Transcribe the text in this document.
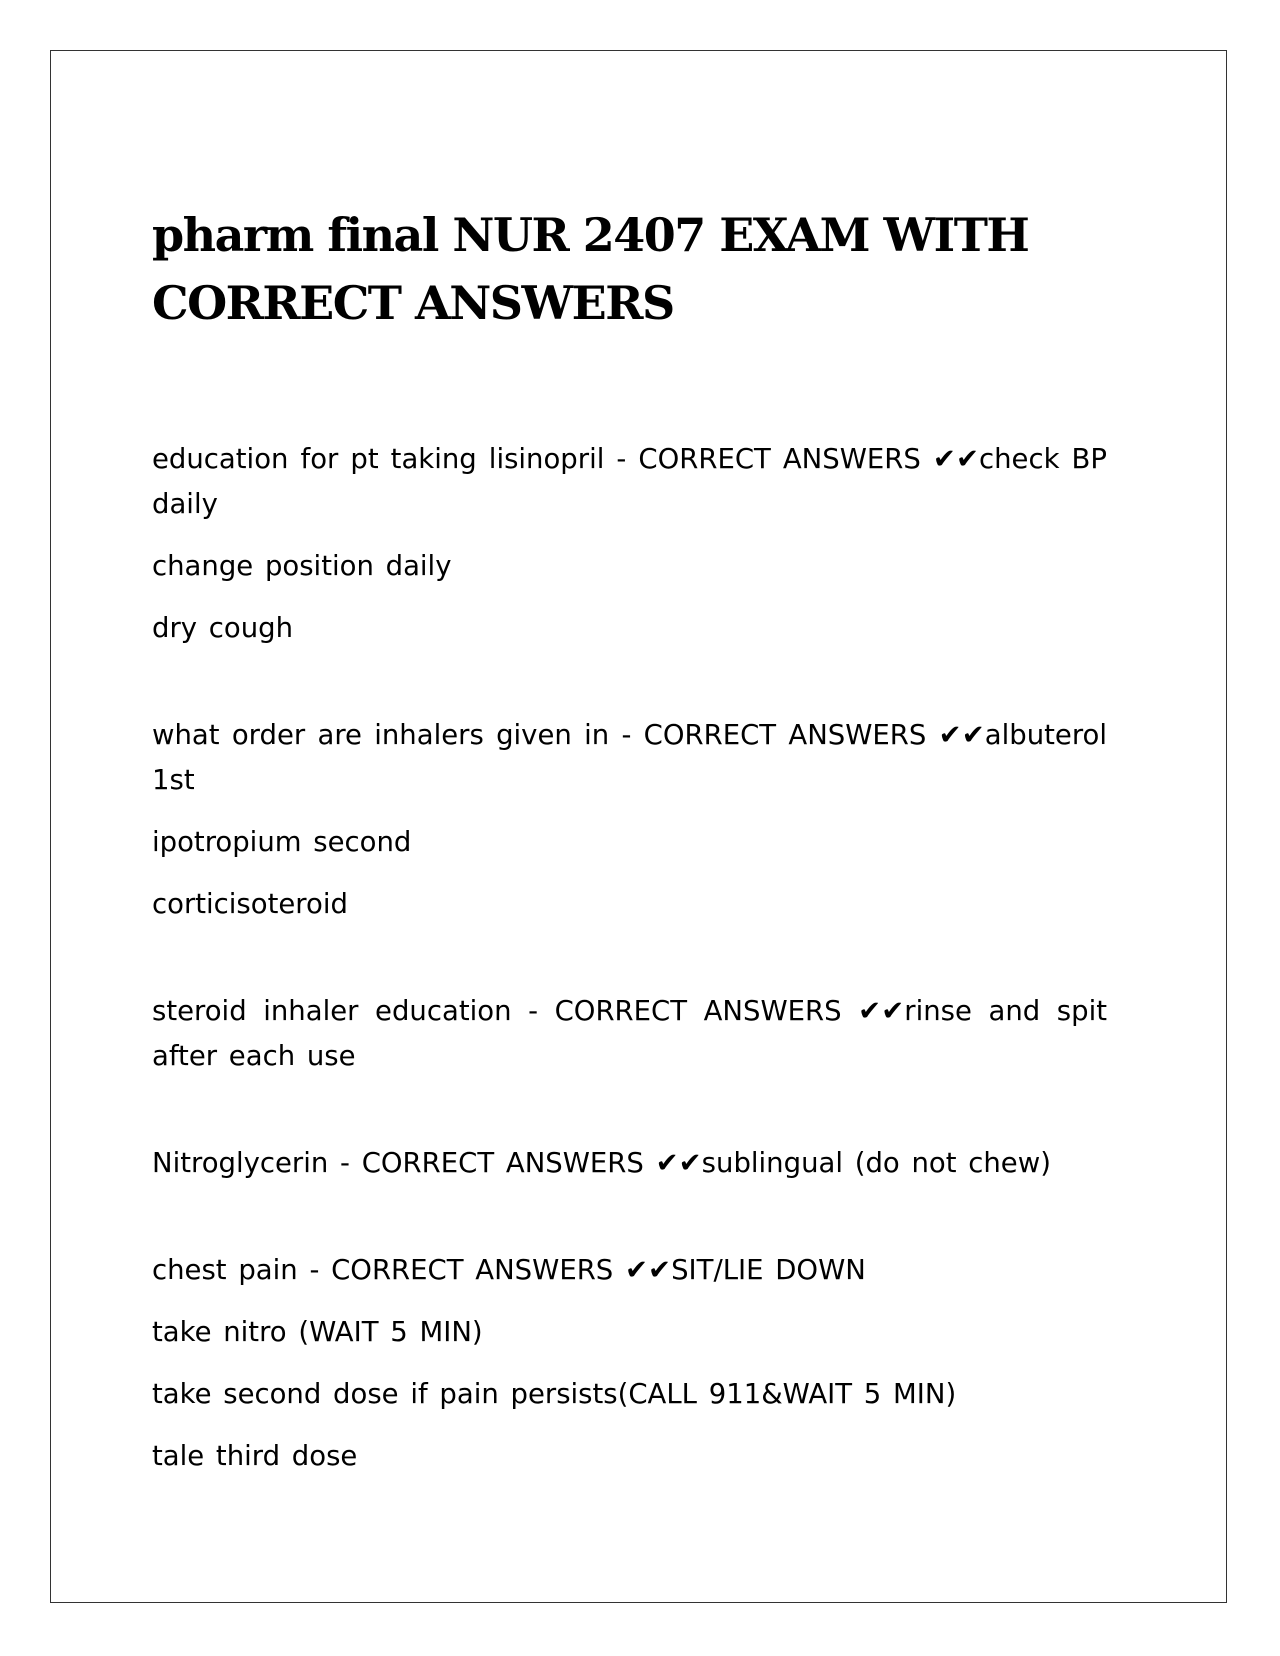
pharm final NUR 2407 EXAM WITH CORRECT ANSWERS

education for pt taking lisinopril - CORRECT ANSWERS ✔✔check BP daily

change position daily

dry cough

what order are inhalers given in - CORRECT ANSWERS ✔✔albuterol 1st

ipotropium second

corticisoteroid

steroid inhaler education - CORRECT ANSWERS ✔✔rinse and spit after each use

Nitroglycerin - CORRECT ANSWERS ✔✔sublingual (do not chew)

chest pain - CORRECT ANSWERS ✔✔SIT/LIE DOWN

take nitro (WAIT 5 MIN)

take second dose if pain persists(CALL 911&WAIT 5 MIN)

tale third dose
